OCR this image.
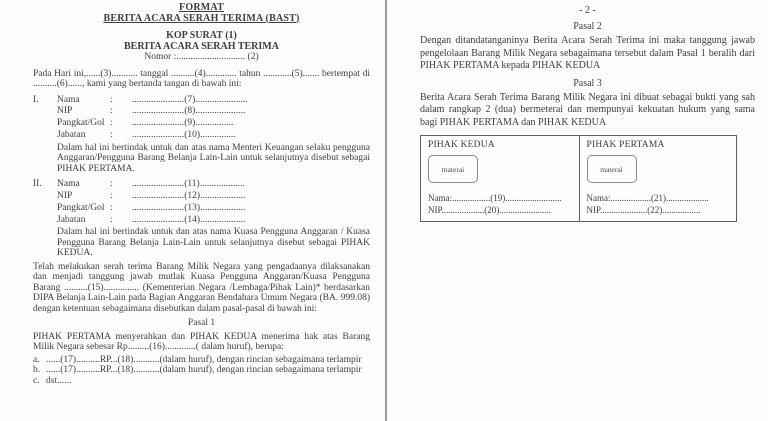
FORMAT
BERITA ACARA SERAH TERIMA (BAST)
KOP SURAT (1)
BERITA ACARA SERAH TERIMA
Nomor :............................. (2)

Pada Hari ini,......(3)........... tanggal ..........(4)............. tahun ............(5)....... bertempat di ..........(6)......, kami yang bertanda tangan di bawah ini:

I.	Nama	:	......................(7)......................
NIP	:	......................(8).....................
Pangkat/Gol :	......................(9)................
Jabatan	:	......................(10)...............

Dalam hal ini bertindak untuk dan atas nama Menteri Keuangan selaku pengguna Anggaran/Pengguna Barang Belanja Lain-Lain untuk selanjutnya disebut sebagai PIHAK PERTAMA.

II.	Nama	:	......................(11)...................
NIP	:	......................(12)...................
Pangkat/Gol :	......................(13)...................
Jabatan	:	......................(14)...................

Dalam hal ini bertindak untuk dan atas nama Kuasa Pengguna Anggaran / Kuasa Pengguna Barang Belanja Lain-Lain untuk selanjutnya disebut sebagai PIHAK KEDUA.

Telah melakukan serah terima Barang Milik Negara yang pengadaanya dilaksanakan dan menjadi tanggung jawab mutlak Kuasa Pengguna Anggaran/Kuasa Pengguna Barang ..........(15)............... (Kementerian Negara /Lembaga/Pihak Lain)* berdasarkan DIPA Belanja Lain-Lain pada Bagian Anggaran Bendahara Umum Negara (BA. 999.08) dengan ketentuan sebagaimana disebutkan dalam pasal-pasal di bawah ini:

Pasal 1

PIHAK PERTAMA menyerahkan dan PIHAK KEDUA menerima hak atas Barang Milik Negara sebesar Rp.........(16).............( dalam huruf), berupa:

a. ......(17)..........RP...(18)...........(dalam huruf), dengan rincian sebagaimana terlampir
b. ......(17)..........RP...(18)...........(dalam huruf), dengan rincian sebagaimana terlampir
c. dst......
- 2 -
Pasal 2

Dengan ditandatanganinya Berita Acara Serah Terima ini maka tanggung jawab pengelolaan Barang Milik Negara sebagaimana tersebut dalam Pasal 1 beralih dari PIHAK PERTAMA kepada PIHAK KEDUA

Pasal 3

Berita Acara Serah Terima Barang Milik Negara ini dibuat sebagai bukti yang sah dalam rangkap 2 (dua) bermeterai dan mempunyai kekuatan hukum yang sama bagi PIHAK PERTAMA dan PIHAK KEDUA

PIHAK KEDUA
materai
Nama:.................(19).........................
NIP...................(20).......................
PIHAK PERTAMA
materai
Nama:..................(21)...................
NIP.....................(22).................
